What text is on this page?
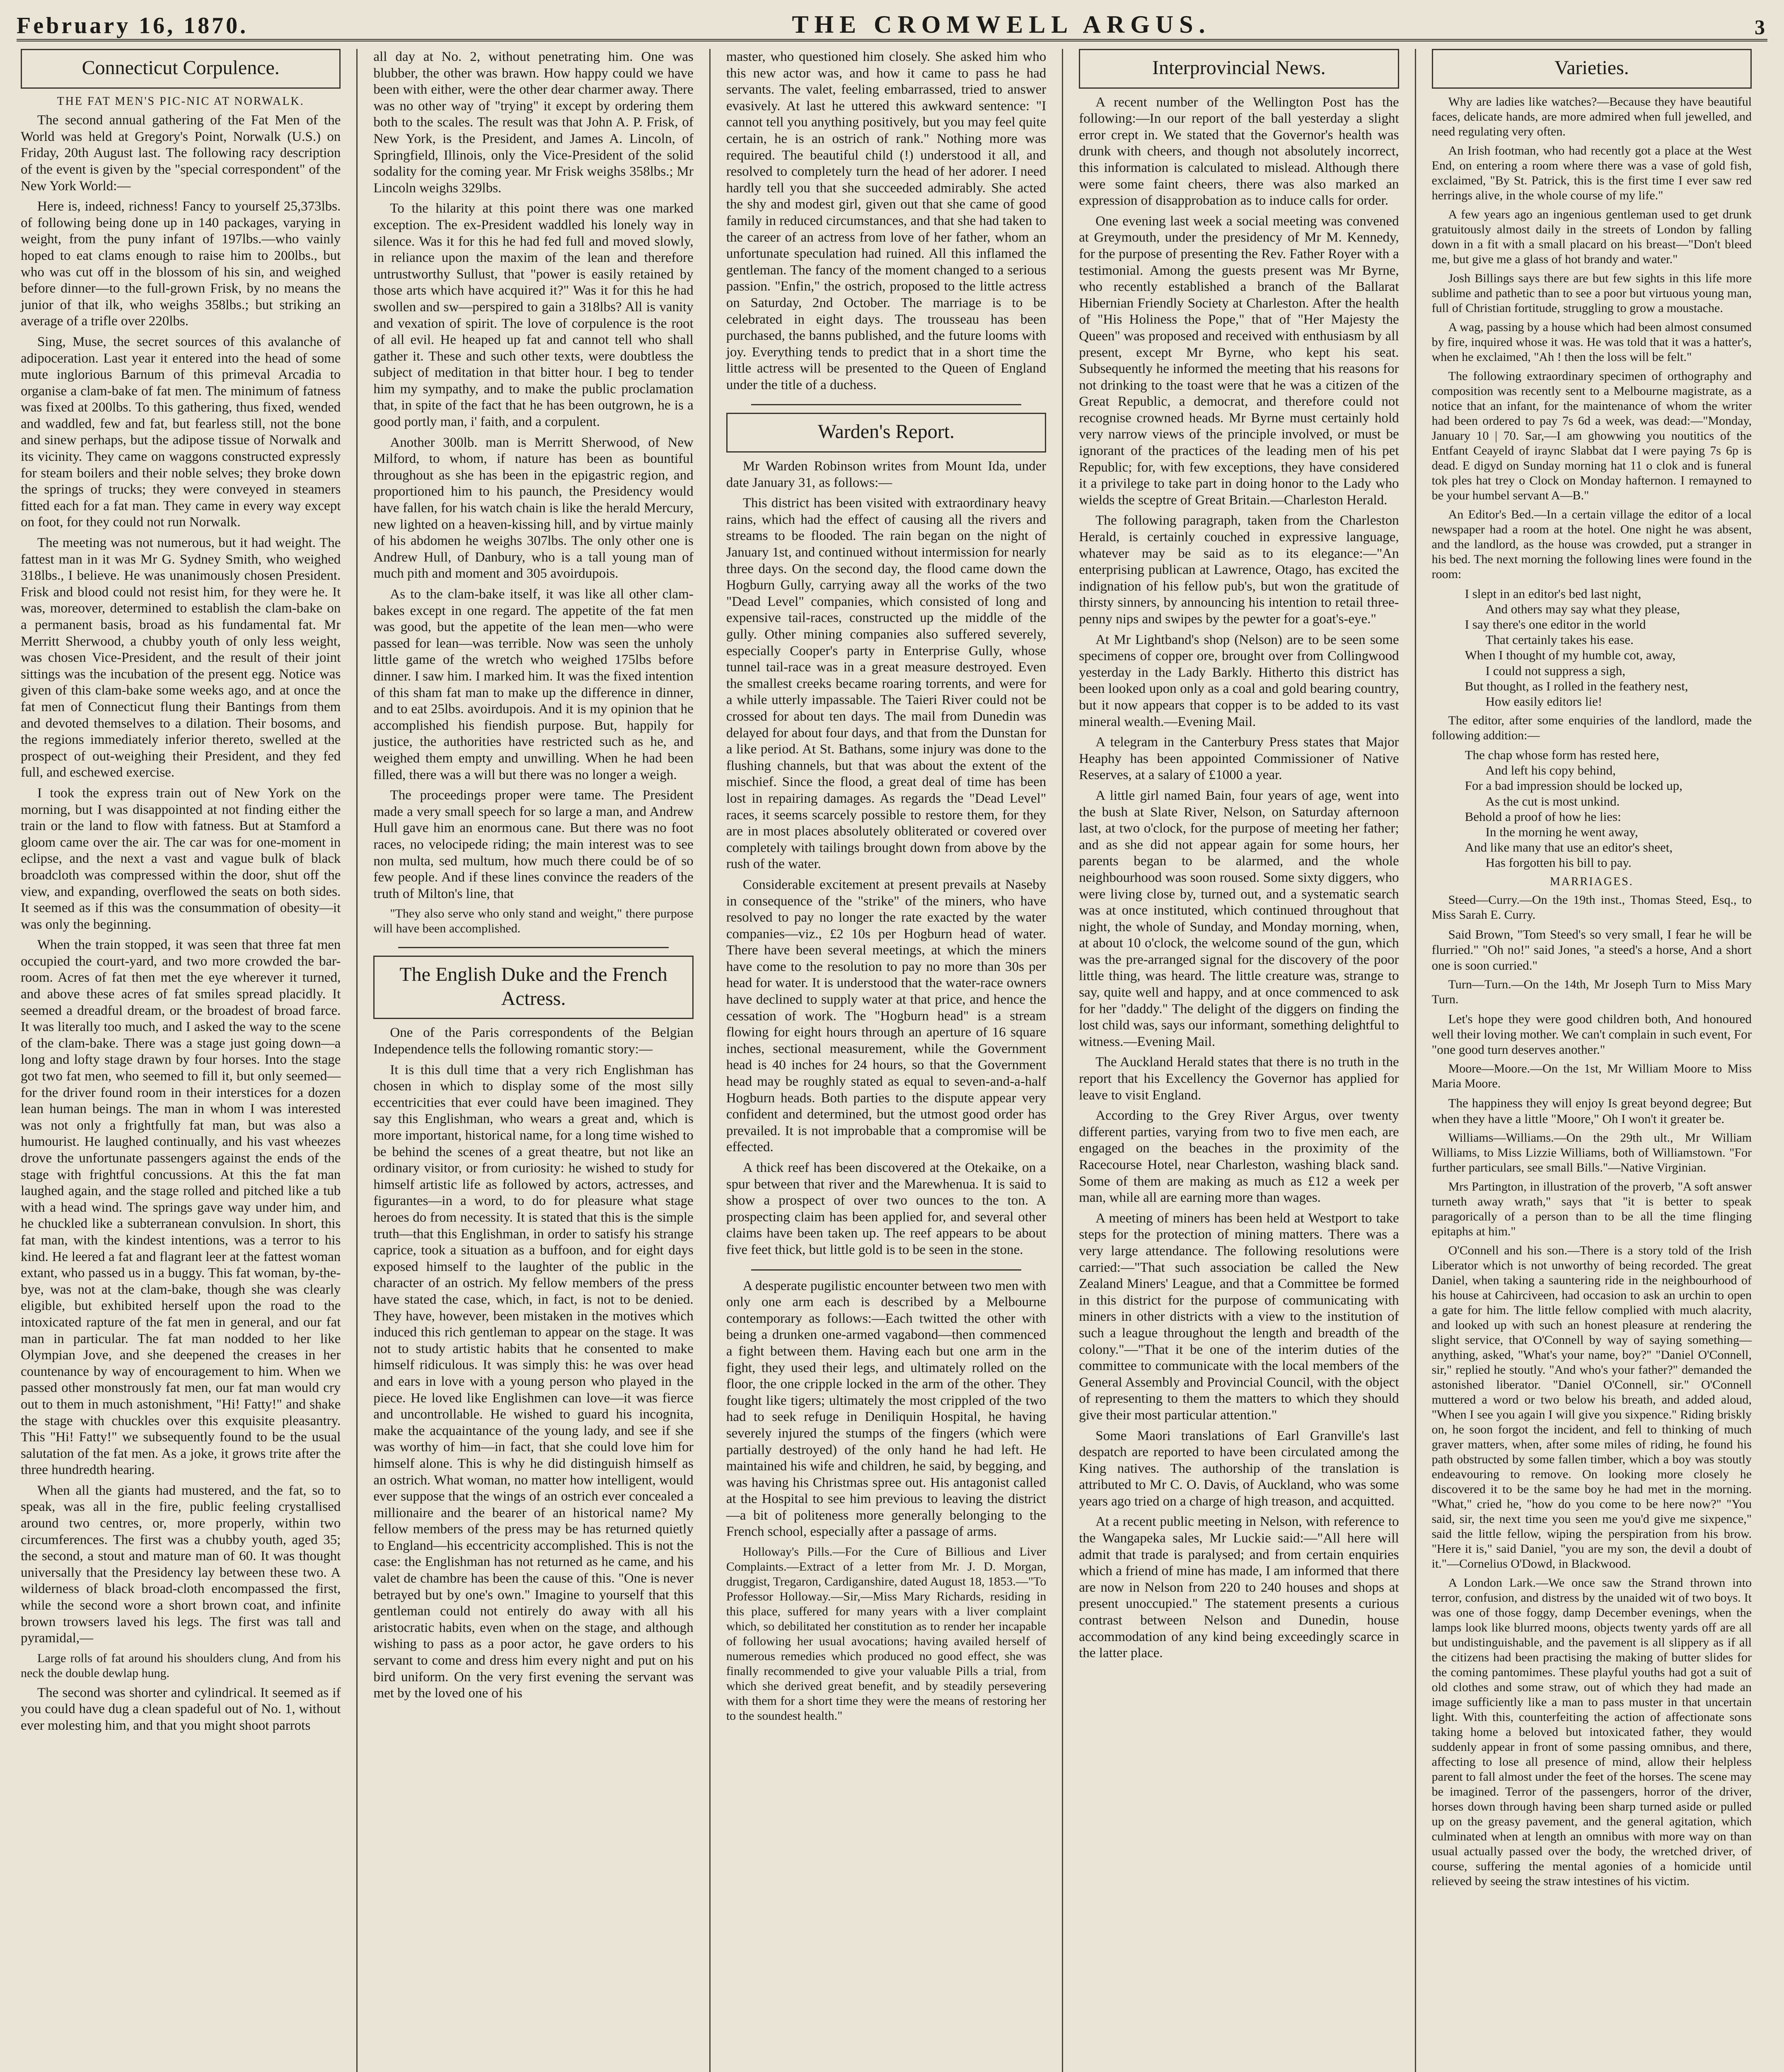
February 16, 1870.	THE CROMWELL ARGUS.	3
Connecticut Corpulence.
THE FAT MEN'S PIC-NIC AT NORWALK.

The second annual gathering of the Fat Men of the World was held at Gregory's Point, Norwalk (U.S.) on Friday, 20th August last. The following racy description of the event is given by the "special correspondent" of the New York World:—

Here is, indeed, richness! Fancy to yourself 25,373lbs. of following being done up in 140 packages, varying in weight, from the puny infant of 197lbs.—who vainly hoped to eat clams enough to raise him to 200lbs., but who was cut off in the blossom of his sin, and weighed before dinner—to the full-grown Frisk, by no means the junior of that ilk, who weighs 358lbs.; but striking an average of a trifle over 220lbs.

Sing, Muse, the secret sources of this avalanche of adipoceration. Last year it entered into the head of some mute inglorious Barnum of this primeval Arcadia to organise a clam-bake of fat men. The minimum of fatness was fixed at 200lbs. To this gathering, thus fixed, wended and waddled, few and fat, but fearless still, not the bone and sinew perhaps, but the adipose tissue of Norwalk and its vicinity. They came on waggons constructed expressly for steam boilers and their noble selves; they broke down the springs of trucks; they were conveyed in steamers fitted each for a fat man. They came in every way except on foot, for they could not run Norwalk.

The meeting was not numerous, but it had weight. The fattest man in it was Mr G. Sydney Smith, who weighed 318lbs., I believe. He was unanimously chosen President. Frisk and blood could not resist him, for they were he. It was, moreover, determined to establish the clam-bake on a permanent basis, broad as his fundamental fat. Mr Merritt Sherwood, a chubby youth of only less weight, was chosen Vice-President, and the result of their joint sittings was the incubation of the present egg. Notice was given of this clam-bake some weeks ago, and at once the fat men of Connecticut flung their Bantings from them and devoted themselves to a dilation. Their bosoms, and the regions immediately inferior thereto, swelled at the prospect of out-weighing their President, and they fed full, and eschewed exercise.

I took the express train out of New York on the morning, but I was disappointed at not finding either the train or the land to flow with fatness. But at Stamford a gloom came over the air. The car was for one-moment in eclipse, and the next a vast and vague bulk of black broadcloth was compressed within the door, shut off the view, and expanding, overflowed the seats on both sides. It seemed as if this was the consummation of obesity—it was only the beginning.

When the train stopped, it was seen that three fat men occupied the court-yard, and two more crowded the bar-room. Acres of fat then met the eye wherever it turned, and above these acres of fat smiles spread placidly. It seemed a dreadful dream, or the broadest of broad farce. It was literally too much, and I asked the way to the scene of the clam-bake. There was a stage just going down—a long and lofty stage drawn by four horses. Into the stage got two fat men, who seemed to fill it, but only seemed—for the driver found room in their interstices for a dozen lean human beings. The man in whom I was interested was not only a frightfully fat man, but was also a humourist. He laughed continually, and his vast wheezes drove the unfortunate passengers against the ends of the stage with frightful concussions. At this the fat man laughed again, and the stage rolled and pitched like a tub with a head wind. The springs gave way under him, and he chuckled like a subterranean convulsion. In short, this fat man, with the kindest intentions, was a terror to his kind. He leered a fat and flagrant leer at the fattest woman extant, who passed us in a buggy. This fat woman, by-the-bye, was not at the clam-bake, though she was clearly eligible, but exhibited herself upon the road to the intoxicated rapture of the fat men in general, and our fat man in particular. The fat man nodded to her like Olympian Jove, and she deepened the creases in her countenance by way of encouragement to him. When we passed other monstrously fat men, our fat man would cry out to them in much astonishment, "Hi! Fatty!" and shake the stage with chuckles over this exquisite pleasantry. This "Hi! Fatty!" we subsequently found to be the usual salutation of the fat men. As a joke, it grows trite after the three hundredth hearing.

When all the giants had mustered, and the fat, so to speak, was all in the fire, public feeling crystallised around two centres, or, more properly, within two circumferences. The first was a chubby youth, aged 35; the second, a stout and mature man of 60. It was thought universally that the Presidency lay between these two. A wilderness of black broad-cloth encompassed the first, while the second wore a short brown coat, and infinite brown trowsers laved his legs. The first was tall and pyramidal,—

Large rolls of fat around his shoulders clung, And from his neck the double dewlap hung.

The second was shorter and cylindrical. It seemed as if you could have dug a clean spadeful out of No. 1, without ever molesting him, and that you might shoot parrots

all day at No. 2, without penetrating him. One was blubber, the other was brawn. How happy could we have been with either, were the other dear charmer away. There was no other way of "trying" it except by ordering them both to the scales. The result was that John A. P. Frisk, of New York, is the President, and James A. Lincoln, of Springfield, Illinois, only the Vice-President of the solid sodality for the coming year. Mr Frisk weighs 358lbs.; Mr Lincoln weighs 329lbs.

To the hilarity at this point there was one marked exception. The ex-President waddled his lonely way in silence. Was it for this he had fed full and moved slowly, in reliance upon the maxim of the lean and therefore untrustworthy Sullust, that "power is easily retained by those arts which have acquired it?" Was it for this he had swollen and sw—perspired to gain a 318lbs? All is vanity and vexation of spirit. The love of corpulence is the root of all evil. He heaped up fat and cannot tell who shall gather it. These and such other texts, were doubtless the subject of meditation in that bitter hour. I beg to tender him my sympathy, and to make the public proclamation that, in spite of the fact that he has been outgrown, he is a good portly man, i' faith, and a corpulent.

Another 300lb. man is Merritt Sherwood, of New Milford, to whom, if nature has been as bountiful throughout as she has been in the epigastric region, and proportioned him to his paunch, the Presidency would have fallen, for his watch chain is like the herald Mercury, new lighted on a heaven-kissing hill, and by virtue mainly of his abdomen he weighs 307lbs. The only other one is Andrew Hull, of Danbury, who is a tall young man of much pith and moment and 305 avoirdupois.

As to the clam-bake itself, it was like all other clam-bakes except in one regard. The appetite of the fat men was good, but the appetite of the lean men—who were passed for lean—was terrible. Now was seen the unholy little game of the wretch who weighed 175lbs before dinner. I saw him. I marked him. It was the fixed intention of this sham fat man to make up the difference in dinner, and to eat 25lbs. avoirdupois. And it is my opinion that he accomplished his fiendish purpose. But, happily for justice, the authorities have restricted such as he, and weighed them empty and unwilling. When he had been filled, there was a will but there was no longer a weigh.

The proceedings proper were tame. The President made a very small speech for so large a man, and Andrew Hull gave him an enormous cane. But there was no foot races, no velocipede riding; the main interest was to see non multa, sed multum, how much there could be of so few people. And if these lines convince the readers of the truth of Milton's line, that

"They also serve who only stand and weight," there purpose will have been accomplished.

The English Duke and the French Actress.

One of the Paris correspondents of the Belgian Independence tells the following romantic story:—

It is this dull time that a very rich Englishman has chosen in which to display some of the most silly eccentricities that ever could have been imagined. They say this Englishman, who wears a great and, which is more important, historical name, for a long time wished to be behind the scenes of a great theatre, but not like an ordinary visitor, or from curiosity: he wished to study for himself artistic life as followed by actors, actresses, and figurantes—in a word, to do for pleasure what stage heroes do from necessity. It is stated that this is the simple truth—that this Englishman, in order to satisfy his strange caprice, took a situation as a buffoon, and for eight days exposed himself to the laughter of the public in the character of an ostrich. My fellow members of the press have stated the case, which, in fact, is not to be denied. They have, however, been mistaken in the motives which induced this rich gentleman to appear on the stage. It was not to study artistic habits that he consented to make himself ridiculous. It was simply this: he was over head and ears in love with a young person who played in the piece. He loved like Englishmen can love—it was fierce and uncontrollable. He wished to guard his incognita, make the acquaintance of the young lady, and see if she was worthy of him—in fact, that she could love him for himself alone. This is why he did distinguish himself as an ostrich. What woman, no matter how intelligent, would ever suppose that the wings of an ostrich ever concealed a millionaire and the bearer of an historical name? My fellow members of the press may be has returned quietly to England—his eccentricity accomplished. This is not the case: the Englishman has not returned as he came, and his valet de chambre has been the cause of this. "One is never betrayed but by one's own." Imagine to yourself that this gentleman could not entirely do away with all his aristocratic habits, even when on the stage, and although wishing to pass as a poor actor, he gave orders to his servant to come and dress him every night and put on his bird uniform. On the very first evening the servant was met by the loved one of his

master, who questioned him closely. She asked him who this new actor was, and how it came to pass he had servants. The valet, feeling embarrassed, tried to answer evasively. At last he uttered this awkward sentence: "I cannot tell you anything positively, but you may feel quite certain, he is an ostrich of rank." Nothing more was required. The beautiful child (!) understood it all, and resolved to completely turn the head of her adorer. I need hardly tell you that she succeeded admirably. She acted the shy and modest girl, given out that she came of good family in reduced circumstances, and that she had taken to the career of an actress from love of her father, whom an unfortunate speculation had ruined. All this inflamed the gentleman. The fancy of the moment changed to a serious passion. "Enfin," the ostrich, proposed to the little actress on Saturday, 2nd October. The marriage is to be celebrated in eight days. The trousseau has been purchased, the banns published, and the future looms with joy. Everything tends to predict that in a short time the little actress will be presented to the Queen of England under the title of a duchess.

Warden's Report.

Mr Warden Robinson writes from Mount Ida, under date January 31, as follows:—

This district has been visited with extraordinary heavy rains, which had the effect of causing all the rivers and streams to be flooded. The rain began on the night of January 1st, and continued without intermission for nearly three days. On the second day, the flood came down the Hogburn Gully, carrying away all the works of the two "Dead Level" companies, which consisted of long and expensive tail-races, constructed up the middle of the gully. Other mining companies also suffered severely, especially Cooper's party in Enterprise Gully, whose tunnel tail-race was in a great measure destroyed. Even the smallest creeks became roaring torrents, and were for a while utterly impassable. The Taieri River could not be crossed for about ten days. The mail from Dunedin was delayed for about four days, and that from the Dunstan for a like period. At St. Bathans, some injury was done to the flushing channels, but that was about the extent of the mischief. Since the flood, a great deal of time has been lost in repairing damages. As regards the "Dead Level" races, it seems scarcely possible to restore them, for they are in most places absolutely obliterated or covered over completely with tailings brought down from above by the rush of the water.

Considerable excitement at present prevails at Naseby in consequence of the "strike" of the miners, who have resolved to pay no longer the rate exacted by the water companies—viz., £2 10s per Hogburn head of water. There have been several meetings, at which the miners have come to the resolution to pay no more than 30s per head for water. It is understood that the water-race owners have declined to supply water at that price, and hence the cessation of work. The "Hogburn head" is a stream flowing for eight hours through an aperture of 16 square inches, sectional measurement, while the Government head is 40 inches for 24 hours, so that the Government head may be roughly stated as equal to seven-and-a-half Hogburn heads. Both parties to the dispute appear very confident and determined, but the utmost good order has prevailed. It is not improbable that a compromise will be effected.

A thick reef has been discovered at the Otekaike, on a spur between that river and the Marewhenua. It is said to show a prospect of over two ounces to the ton. A prospecting claim has been applied for, and several other claims have been taken up. The reef appears to be about five feet thick, but little gold is to be seen in the stone.

A desperate pugilistic encounter between two men with only one arm each is described by a Melbourne contemporary as follows:—Each twitted the other with being a drunken one-armed vagabond—then commenced a fight between them. Having each but one arm in the fight, they used their legs, and ultimately rolled on the floor, the one cripple locked in the arm of the other. They fought like tigers; ultimately the most crippled of the two had to seek refuge in Deniliquin Hospital, he having severely injured the stumps of the fingers (which were partially destroyed) of the only hand he had left. He maintained his wife and children, he said, by begging, and was having his Christmas spree out. His antagonist called at the Hospital to see him previous to leaving the district—a bit of politeness more generally belonging to the French school, especially after a passage of arms.

Holloway's Pills.—For the Cure of Billious and Liver Complaints.—Extract of a letter from Mr. J. D. Morgan, druggist, Tregaron, Cardiganshire, dated August 18, 1853.—"To Professor Holloway.—Sir,—Miss Mary Richards, residing in this place, suffered for many years with a liver complaint which, so debilitated her constitution as to render her incapable of following her usual avocations; having availed herself of numerous remedies which produced no good effect, she was finally recommended to give your valuable Pills a trial, from which she derived great benefit, and by steadily persevering with them for a short time they were the means of restoring her to the soundest health."

Interprovincial News.

A recent number of the Wellington Post has the following:—In our report of the ball yesterday a slight error crept in. We stated that the Governor's health was drunk with cheers, and though not absolutely incorrect, this information is calculated to mislead. Although there were some faint cheers, there was also marked an expression of disapprobation as to induce calls for order.

One evening last week a social meeting was convened at Greymouth, under the presidency of Mr M. Kennedy, for the purpose of presenting the Rev. Father Royer with a testimonial. Among the guests present was Mr Byrne, who recently established a branch of the Ballarat Hibernian Friendly Society at Charleston. After the health of "His Holiness the Pope," that of "Her Majesty the Queen" was proposed and received with enthusiasm by all present, except Mr Byrne, who kept his seat. Subsequently he informed the meeting that his reasons for not drinking to the toast were that he was a citizen of the Great Republic, a democrat, and therefore could not recognise crowned heads. Mr Byrne must certainly hold very narrow views of the principle involved, or must be ignorant of the practices of the leading men of his pet Republic; for, with few exceptions, they have considered it a privilege to take part in doing honor to the Lady who wields the sceptre of Great Britain.—Charleston Herald.

The following paragraph, taken from the Charleston Herald, is certainly couched in expressive language, whatever may be said as to its elegance:—"An enterprising publican at Lawrence, Otago, has excited the indignation of his fellow pub's, but won the gratitude of thirsty sinners, by announcing his intention to retail three-penny nips and swipes by the pewter for a goat's-eye."

At Mr Lightband's shop (Nelson) are to be seen some specimens of copper ore, brought over from Collingwood yesterday in the Lady Barkly. Hitherto this district has been looked upon only as a coal and gold bearing country, but it now appears that copper is to be added to its vast mineral wealth.—Evening Mail.

A telegram in the Canterbury Press states that Major Heaphy has been appointed Commissioner of Native Reserves, at a salary of £1000 a year.

A little girl named Bain, four years of age, went into the bush at Slate River, Nelson, on Saturday afternoon last, at two o'clock, for the purpose of meeting her father; and as she did not appear again for some hours, her parents began to be alarmed, and the whole neighbourhood was soon roused. Some sixty diggers, who were living close by, turned out, and a systematic search was at once instituted, which continued throughout that night, the whole of Sunday, and Monday morning, when, at about 10 o'clock, the welcome sound of the gun, which was the pre-arranged signal for the discovery of the poor little thing, was heard. The little creature was, strange to say, quite well and happy, and at once commenced to ask for her "daddy." The delight of the diggers on finding the lost child was, says our informant, something delightful to witness.—Evening Mail.

The Auckland Herald states that there is no truth in the report that his Excellency the Governor has applied for leave to visit England.

According to the Grey River Argus, over twenty different parties, varying from two to five men each, are engaged on the beaches in the proximity of the Racecourse Hotel, near Charleston, washing black sand. Some of them are making as much as £12 a week per man, while all are earning more than wages.

A meeting of miners has been held at Westport to take steps for the protection of mining matters. There was a very large attendance. The following resolutions were carried:—"That such association be called the New Zealand Miners' League, and that a Committee be formed in this district for the purpose of communicating with miners in other districts with a view to the institution of such a league throughout the length and breadth of the colony."—"That it be one of the interim duties of the committee to communicate with the local members of the General Assembly and Provincial Council, with the object of representing to them the matters to which they should give their most particular attention."

Some Maori translations of Earl Granville's last despatch are reported to have been circulated among the King natives. The authorship of the translation is attributed to Mr C. O. Davis, of Auckland, who was some years ago tried on a charge of high treason, and acquitted.

At a recent public meeting in Nelson, with reference to the Wangapeka sales, Mr Luckie said:—"All here will admit that trade is paralysed; and from certain enquiries which a friend of mine has made, I am informed that there are now in Nelson from 220 to 240 houses and shops at present unoccupied." The statement presents a curious contrast between Nelson and Dunedin, house accommodation of any kind being exceedingly scarce in the latter place.

Varieties.

Why are ladies like watches?—Because they have beautiful faces, delicate hands, are more admired when full jewelled, and need regulating very often.

An Irish footman, who had recently got a place at the West End, on entering a room where there was a vase of gold fish, exclaimed, "By St. Patrick, this is the first time I ever saw red herrings alive, in the whole course of my life."

A few years ago an ingenious gentleman used to get drunk gratuitously almost daily in the streets of London by falling down in a fit with a small placard on his breast—"Don't bleed me, but give me a glass of hot brandy and water."

Josh Billings says there are but few sights in this life more sublime and pathetic than to see a poor but virtuous young man, full of Christian fortitude, struggling to grow a moustache.

A wag, passing by a house which had been almost consumed by fire, inquired whose it was. He was told that it was a hatter's, when he exclaimed, "Ah ! then the loss will be felt."

The following extraordinary specimen of orthography and composition was recently sent to a Melbourne magistrate, as a notice that an infant, for the maintenance of whom the writer had been ordered to pay 7s 6d a week, was dead:—"Monday, January 10 | 70. Sar,—I am ghowwing you noutitics of the Entfant Ceayeld of iraync Slabbat dat I were paying 7s 6p is dead. E digyd on Sunday morning hat 11 o clok and is funeral tok ples hat trey o Clock on Monday hafternon. I remayned to be your humbel servant A—B."

An Editor's Bed.—In a certain village the editor of a local newspaper had a room at the hotel. One night he was absent, and the landlord, as the house was crowded, put a stranger in his bed. The next morning the following lines were found in the room:

I slept in an editor's bed last night,
And others may say what they please,
I say there's one editor in the world
That certainly takes his ease.
When I thought of my humble cot, away,
I could not suppress a sigh,
But thought, as I rolled in the feathery nest,
How easily editors lie!

The editor, after some enquiries of the landlord, made the following addition:—

The chap whose form has rested here,
And left his copy behind,
For a bad impression should be locked up,
As the cut is most unkind.
Behold a proof of how he lies:
In the morning he went away,
And like many that use an editor's sheet,
Has forgotten his bill to pay.
MARRIAGES.

Steed—Curry.—On the 19th inst., Thomas Steed, Esq., to Miss Sarah E. Curry.

Said Brown, "Tom Steed's so very small, I fear he will be flurried." "Oh no!" said Jones, "a steed's a horse, And a short one is soon curried."

Turn—Turn.—On the 14th, Mr Joseph Turn to Miss Mary Turn.

Let's hope they were good children both, And honoured well their loving mother. We can't complain in such event, For "one good turn deserves another."

Moore—Moore.—On the 1st, Mr William Moore to Miss Maria Moore.

The happiness they will enjoy Is great beyond degree; But when they have a little "Moore," Oh I won't it greater be.

Williams—Williams.—On the 29th ult., Mr William Williams, to Miss Lizzie Williams, both of Williamstown. "For further particulars, see small Bills."—Native Virginian.

Mrs Partington, in illustration of the proverb, "A soft answer turneth away wrath," says that "it is better to speak paragorically of a person than to be all the time flinging epitaphs at him."

O'Connell and his son.—There is a story told of the Irish Liberator which is not unworthy of being recorded. The great Daniel, when taking a sauntering ride in the neighbourhood of his house at Cahirciveen, had occasion to ask an urchin to open a gate for him. The little fellow complied with much alacrity, and looked up with such an honest pleasure at rendering the slight service, that O'Connell by way of saying something—anything, asked, "What's your name, boy?" "Daniel O'Connell, sir," replied he stoutly. "And who's your father?" demanded the astonished liberator. "Daniel O'Connell, sir." O'Connell muttered a word or two below his breath, and added aloud, "When I see you again I will give you sixpence." Riding briskly on, he soon forgot the incident, and fell to thinking of much graver matters, when, after some miles of riding, he found his path obstructed by some fallen timber, which a boy was stoutly endeavouring to remove. On looking more closely he discovered it to be the same boy he had met in the morning. "What," cried he, "how do you come to be here now?" "You said, sir, the next time you seen me you'd give me sixpence," said the little fellow, wiping the perspiration from his brow. "Here it is," said Daniel, "you are my son, the devil a doubt of it."—Cornelius O'Dowd, in Blackwood.

A London Lark.—We once saw the Strand thrown into terror, confusion, and distress by the unaided wit of two boys. It was one of those foggy, damp December evenings, when the lamps look like blurred moons, objects twenty yards off are all but undistinguishable, and the pavement is all slippery as if all the citizens had been practising the making of butter slides for the coming pantomimes. These playful youths had got a suit of old clothes and some straw, out of which they had made an image sufficiently like a man to pass muster in that uncertain light. With this, counterfeiting the action of affectionate sons taking home a beloved but intoxicated father, they would suddenly appear in front of some passing omnibus, and there, affecting to lose all presence of mind, allow their helpless parent to fall almost under the feet of the horses. The scene may be imagined. Terror of the passengers, horror of the driver, horses down through having been sharp turned aside or pulled up on the greasy pavement, and the general agitation, which culminated when at length an omnibus with more way on than usual actually passed over the body, the wretched driver, of course, suffering the mental agonies of a homicide until relieved by seeing the straw intestines of his victim.
